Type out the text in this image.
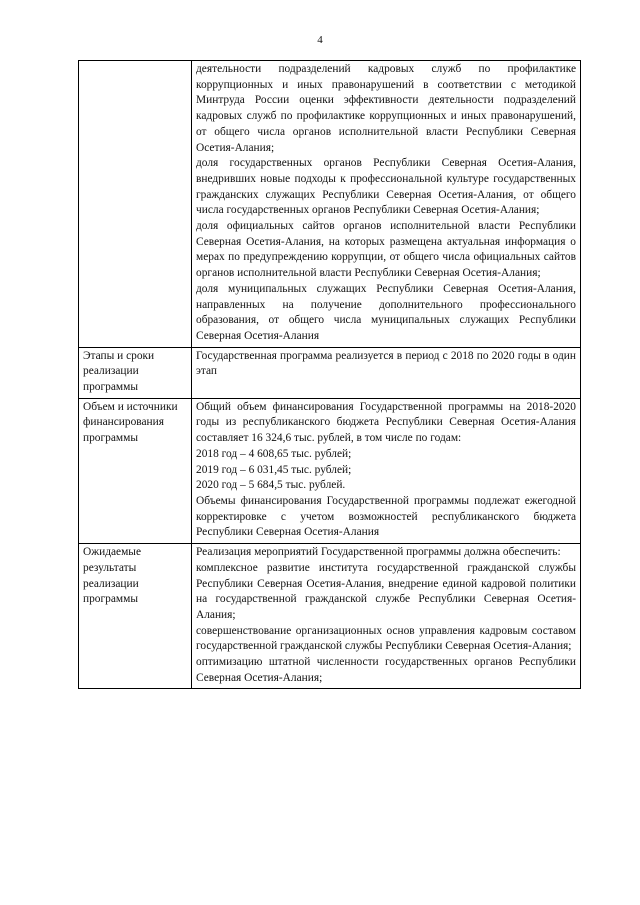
4

	деятельности подразделений кадровых служб по профилактике коррупционных и иных правонарушений в соответствии с методикой Минтруда России оценки эффективности деятельности подразделений кадровых служб по профилактике коррупционных и иных правонарушений, от общего числа органов исполнительной власти Республики Северная Осетия-Алания;
доля государственных органов Республики Северная Осетия-Алания, внедривших новые подходы к профессиональной культуре государственных гражданских служащих Республики Северная Осетия-Алания, от общего числа государственных органов Республики Северная Осетия-Алания;
доля официальных сайтов органов исполнительной власти Республики Северная Осетия-Алания, на которых размещена актуальная информация о мерах по предупреждению коррупции, от общего числа официальных сайтов органов исполнительной власти Республики Северная Осетия-Алания;
доля муниципальных служащих Республики Северная Осетия-Алания, направленных на получение дополнительного профессионального образования, от общего числа муниципальных служащих Республики Северная Осетия-Алания

Этапы и сроки реализации программы	Государственная программа реализуется в период с 2018 по 2020 годы в один этап

Объем и источники финансирования программы	Общий объем финансирования Государственной программы на 2018-2020 годы из республиканского бюджета Республики Северная Осетия-Алания составляет 16 324,6 тыс. рублей, в том числе по годам:
2018 год – 4 608,65 тыс. рублей;
2019 год – 6 031,45 тыс. рублей;
2020 год – 5 684,5 тыс. рублей.
Объемы финансирования Государственной программы подлежат ежегодной корректировке с учетом возможностей республиканского бюджета Республики Северная Осетия-Алания

Ожидаемые результаты реализации программы	Реализация мероприятий Государственной программы должна обеспечить:
комплексное развитие института государственной гражданской службы Республики Северная Осетия-Алания, внедрение единой кадровой политики на государственной гражданской службе Республики Северная Осетия-Алания;
совершенствование организационных основ управления кадровым составом государственной гражданской службы Республики Северная Осетия-Алания;
оптимизацию штатной численности государственных органов Республики Северная Осетия-Алания;
